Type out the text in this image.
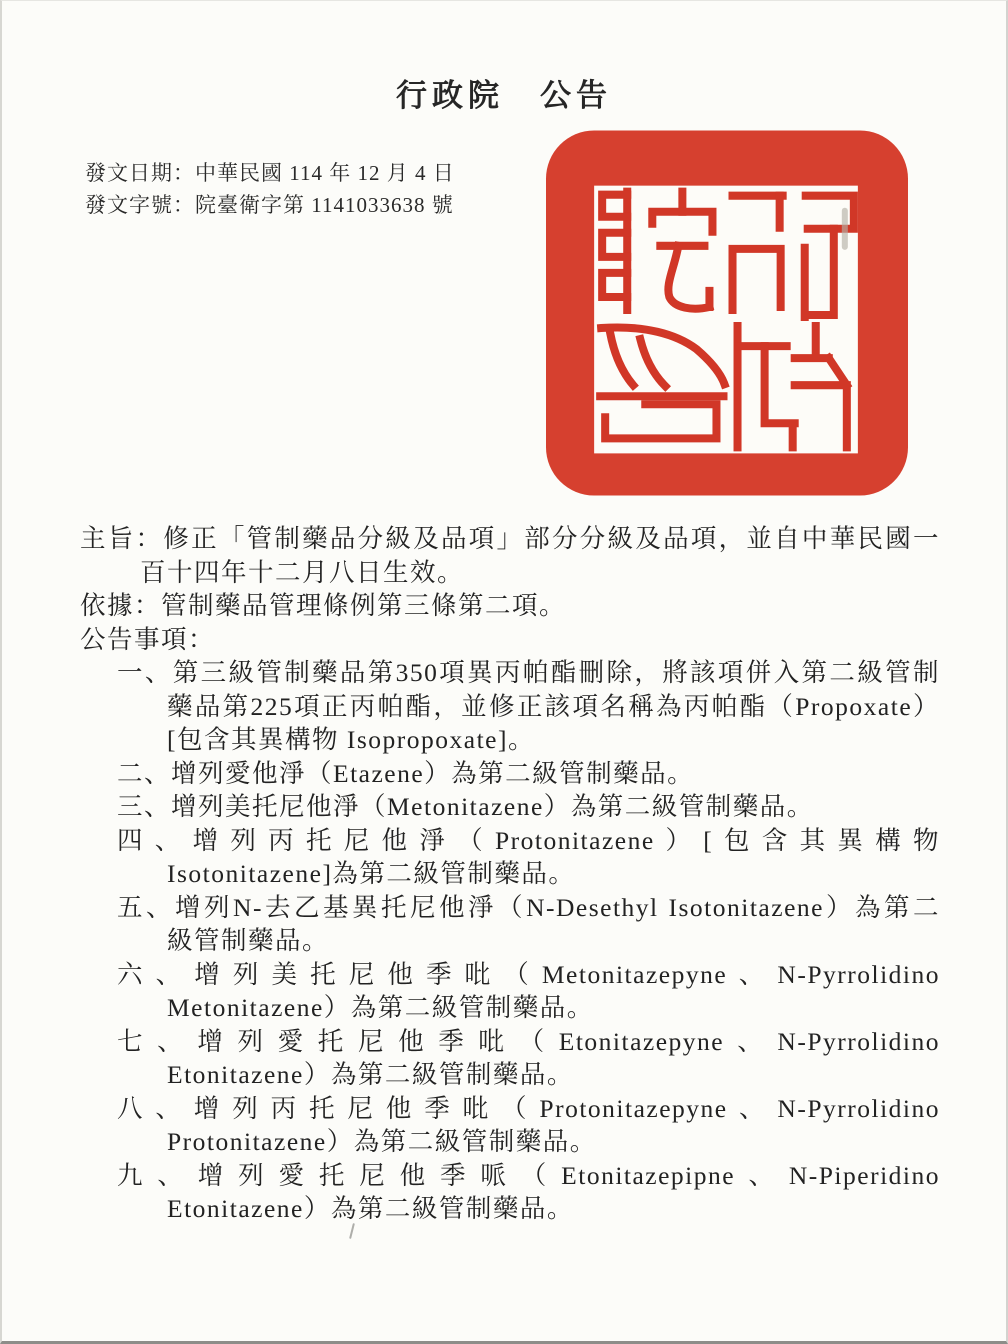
行政院　公告
發文日期：中華民國 114 年 12 月 4 日
發文字號：院臺衛字第 1141033638 號
主旨：修正「管制藥品分級及品項」部分分級及品項，並自中華民國一
百十四年十二月八日生效。
依據：管制藥品管理條例第三條第二項。
公告事項：
一、第三級管制藥品第350項異丙帕酯刪除，將該項併入第二級管制
藥品第225項正丙帕酯，並修正該項名稱為丙帕酯（Propoxate）
[包含其異構物 Isopropoxate]。
二、增列愛他淨（Etazene）為第二級管制藥品。
三、增列美托尼他淨（Metonitazene）為第二級管制藥品。
四、增列丙托尼他淨（Protonitazene）[包含其異構物
Isotonitazene]為第二級管制藥品。
五、增列N-去乙基異托尼他淨（N-Desethyl Isotonitazene）為第二
級管制藥品。
六、增列美托尼他季吡（Metonitazepyne、N-Pyrrolidino
Metonitazene）為第二級管制藥品。
七、增列愛托尼他季吡（Etonitazepyne、N-Pyrrolidino
Etonitazene）為第二級管制藥品。
八、增列丙托尼他季吡（Protonitazepyne、N-Pyrrolidino
Protonitazene）為第二級管制藥品。
九、增列愛托尼他季哌（Etonitazepipne、N-Piperidino
Etonitazene）為第二級管制藥品。
